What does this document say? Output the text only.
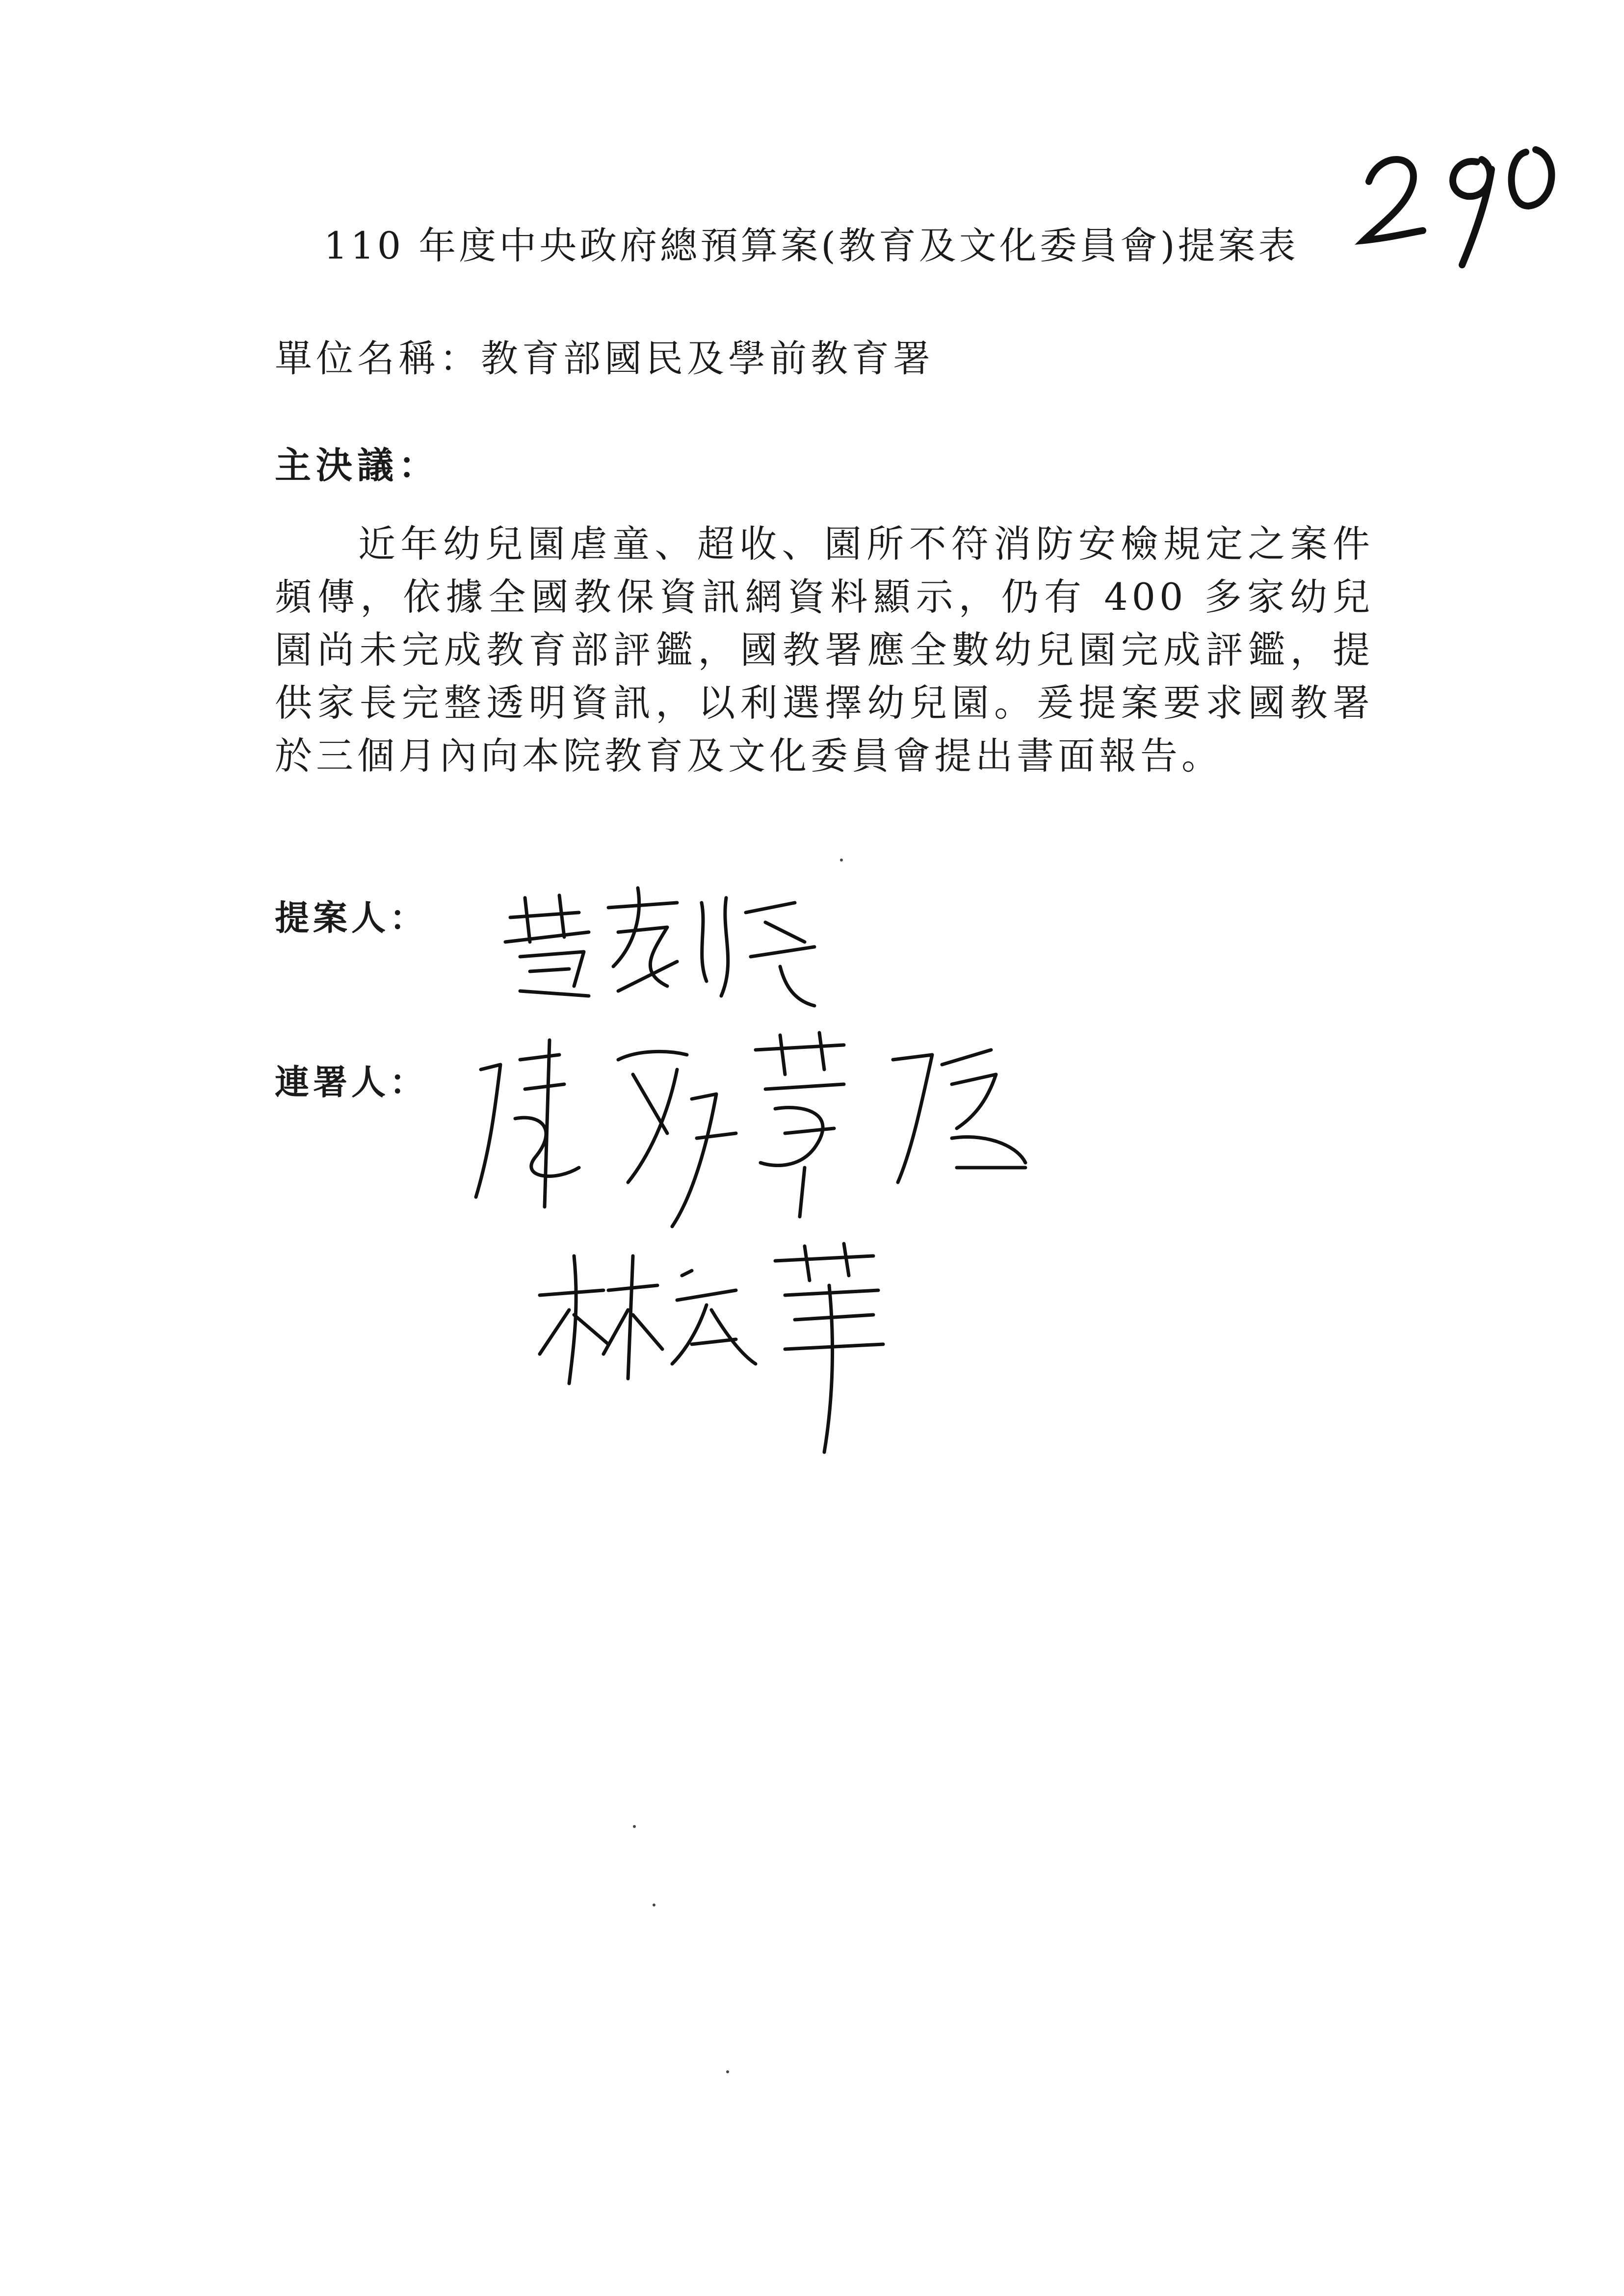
110 年度中央政府總預算案(教育及文化委員會)提案表
單位名稱：教育部國民及學前教育署
主決議：
近年幼兒園虐童、超收、園所不符消防安檢規定之案件頻傳，依據全國教保資訊網資料顯示，仍有 400 多家幼兒園尚未完成教育部評鑑，國教署應全數幼兒園完成評鑑，提供家長完整透明資訊，以利選擇幼兒園。爰提案要求國教署於三個月內向本院教育及文化委員會提出書面報告。
提案人：
連署人：
